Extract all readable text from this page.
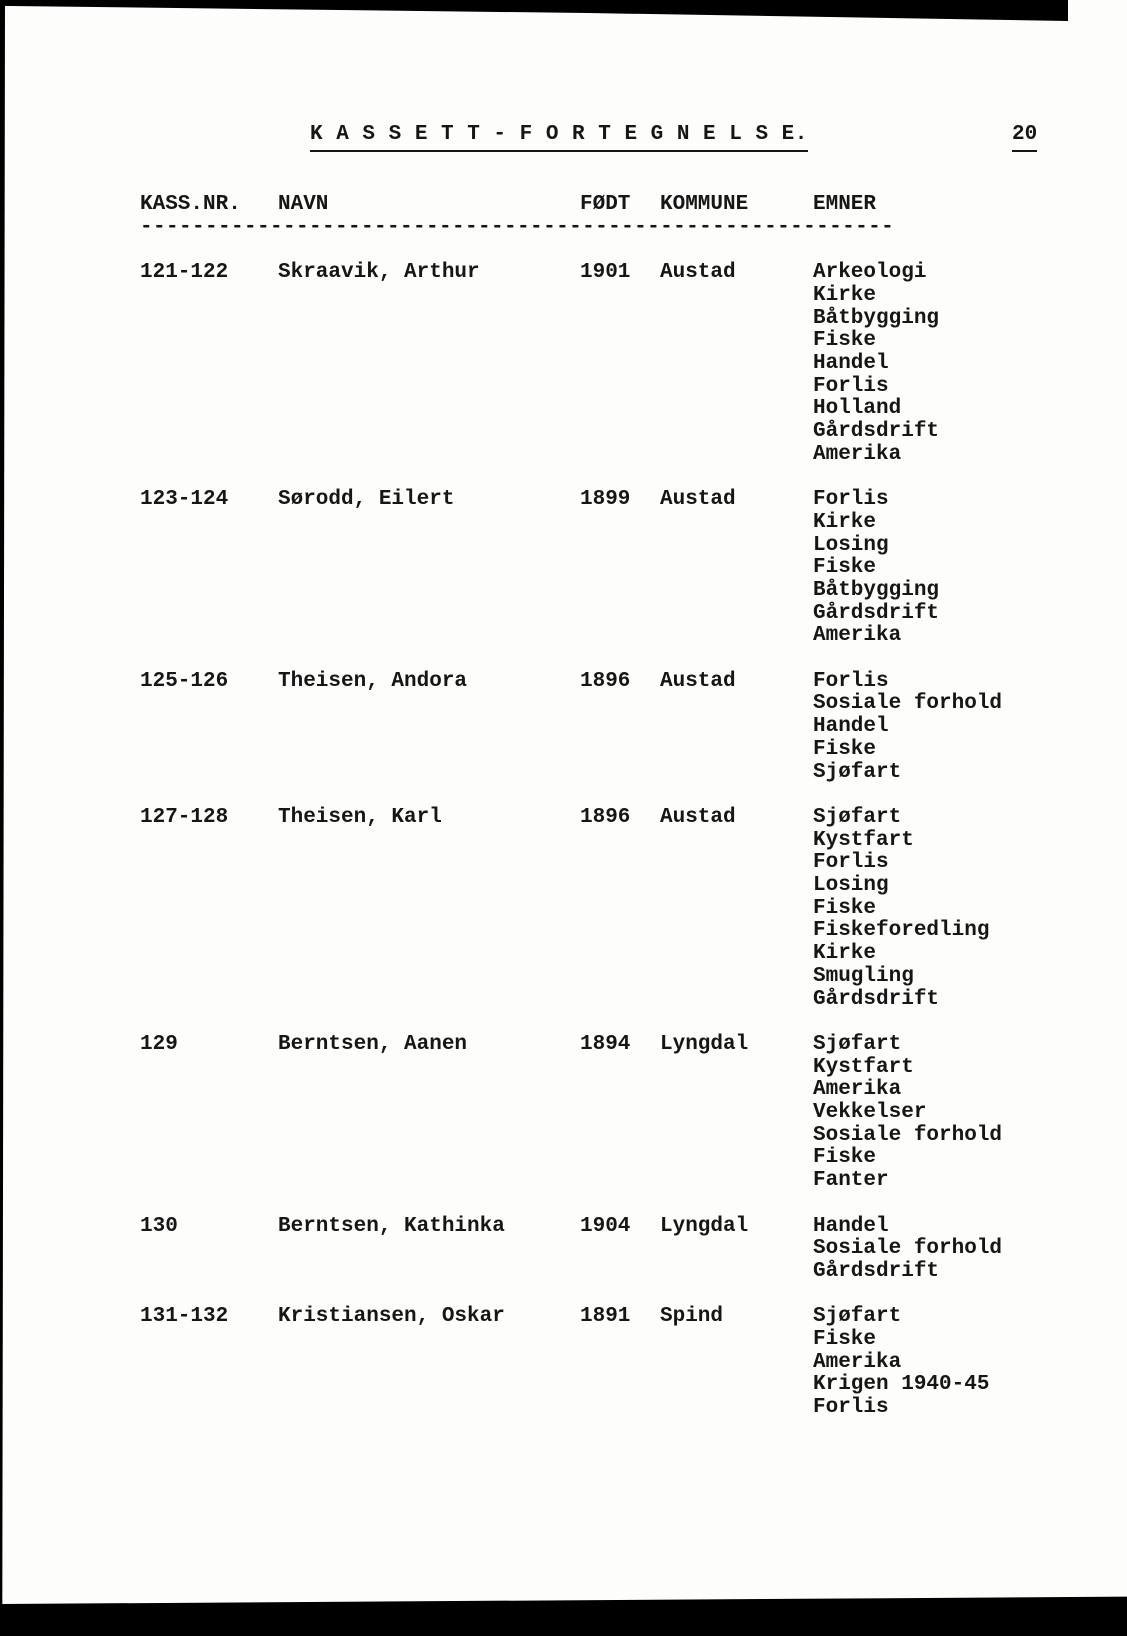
K A S S E T T - F O R T E G N E L S E.	20
KASS.NR.	NAVN	FØDT	KOMMUNE	EMNER
----------------------------------------------------------
121-122	Skraavik, Arthur	1901	Austad	Arkeologi
Kirke
Båtbygging
Fiske
Handel
Forlis
Holland
Gårdsdrift
Amerika
123-124	Sørodd, Eilert	1899	Austad	Forlis
Kirke
Losing
Fiske
Båtbygging
Gårdsdrift
Amerika
125-126	Theisen, Andora	1896	Austad	Forlis
Sosiale forhold
Handel
Fiske
Sjøfart
127-128	Theisen, Karl	1896	Austad	Sjøfart
Kystfart
Forlis
Losing
Fiske
Fiskeforedling
Kirke
Smugling
Gårdsdrift
129	Berntsen, Aanen	1894	Lyngdal	Sjøfart
Kystfart
Amerika
Vekkelser
Sosiale forhold
Fiske
Fanter
130	Berntsen, Kathinka	1904	Lyngdal	Handel
Sosiale forhold
Gårdsdrift
131-132	Kristiansen, Oskar	1891	Spind	Sjøfart
Fiske
Amerika
Krigen 1940-45
Forlis
